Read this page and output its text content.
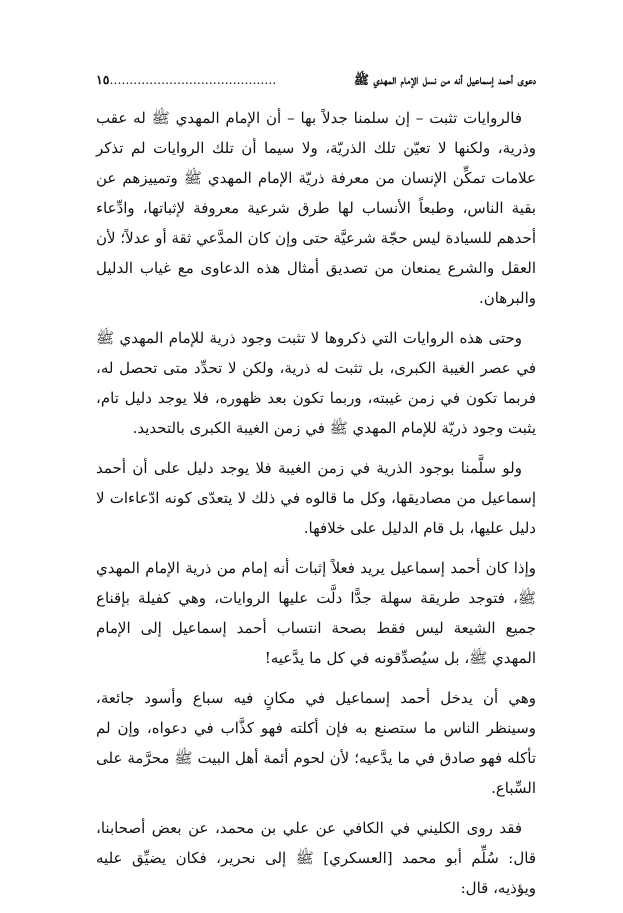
دعوى أحمد إسماعيل أنه من نسل الإمام المهدي ﷺ
١٥..........................................

فالروايات تثبت – إن سلمنا جدلاً بها – أن الإمام المهدي ﷺ له عقب وذرية، ولكنها لا تعيّن تلك الذريّة، ولا سيما أن تلك الروايات لم تذكر علامات تمكِّن الإنسان من معرفة ذريّة الإمام المهدي ﷺ وتمييزهم عن بقية الناس، وطبعاً الأنساب لها طرق شرعية معروفة لإثباتها، وادِّعاء أحدهم للسيادة ليس حجّة شرعيَّة حتى وإن كان المدَّعي ثقة أو عدلاً؛ لأن العقل والشرع يمنعان من تصديق أمثال هذه الدعاوى مع غياب الدليل والبرهان.

وحتى هذه الروايات التي ذكروها لا تثبت وجود ذرية للإمام المهدي ﷺ في عصر الغيبة الكبرى، بل تثبت له ذرية، ولكن لا تحدِّد متى تحصل له، فربما تكون في زمن غيبته، وربما تكون بعد ظهوره، فلا يوجد دليل تام، يثبت وجود ذريّة للإمام المهدي ﷺ في زمن الغيبة الكبرى بالتحديد.

ولو سلَّمنا بوجود الذرية في زمن الغيبة فلا يوجد دليل على أن أحمد إسماعيل من مصاديقها، وكل ما قالوه في ذلك لا يتعدّى كونه ادّعاءات لا دليل عليها، بل قام الدليل على خلافها.

وإذا كان أحمد إسماعيل يريد فعلاً إثبات أنه إمام من ذرية الإمام المهدي ﷺ، فتوجد طريقة سهلة جدًّا دلَّت عليها الروايات، وهي كفيلة بإقناع جميع الشيعة ليس فقط بصحة انتساب أحمد إسماعيل إلى الإمام المهدي ﷺ، بل سيُصدِّقونه في كل ما يدَّعيه!

وهي أن يدخل أحمد إسماعيل في مكانٍ فيه سباع وأسود جائعة، وسينظر الناس ما ستصنع به فإن أكلته فهو كذَّاب في دعواه، وإن لم تأكله فهو صادق في ما يدَّعيه؛ لأن لحوم أئمة أهل البيت ﷺ محرَّمة على السِّباع.

فقد روى الكليني في الكافي عن علي بن محمد، عن بعض أصحابنا، قال: سُلِّم أبو محمد [العسكري] ﷺ إلى نحرير، فكان يضيِّق عليه ويؤذيه، قال:
